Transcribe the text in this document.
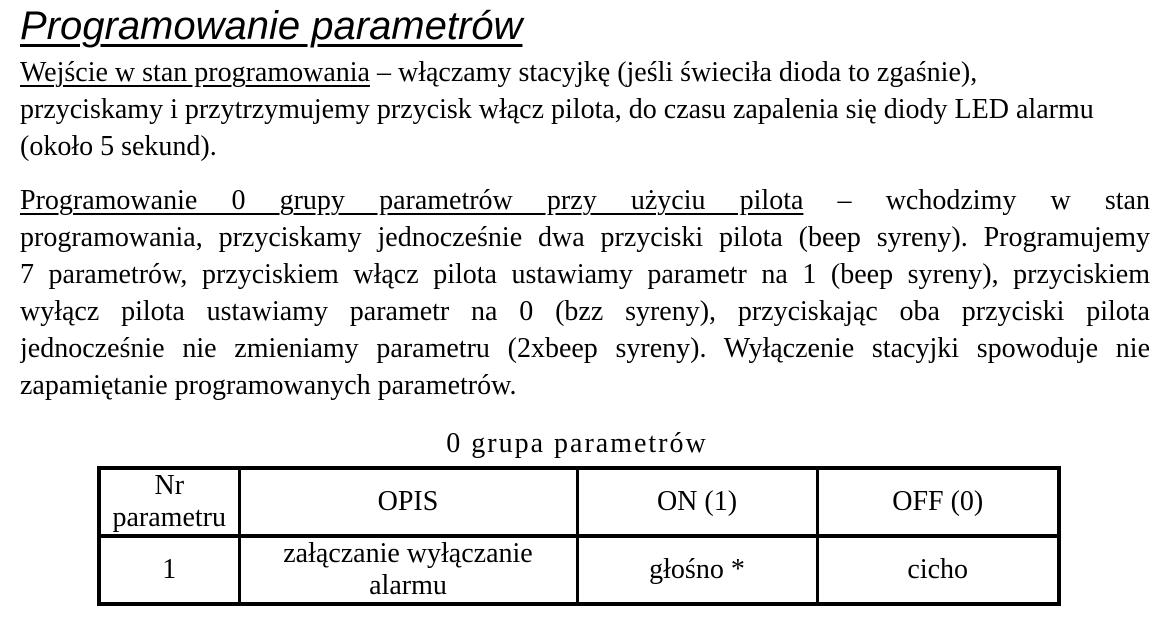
Programowanie parametrów
Wejście w stan programowania – włączamy stacyjkę (jeśli świeciła dioda to zgaśnie),
przyciskamy i przytrzymujemy przycisk włącz pilota, do czasu zapalenia się diody LED alarmu
(około 5 sekund).
Programowanie 0 grupy parametrów przy użyciu pilota – wchodzimy w stan
programowania, przyciskamy jednocześnie dwa przyciski pilota (beep syreny). Programujemy
7 parametrów, przyciskiem włącz pilota ustawiamy parametr na 1 (beep syreny), przyciskiem
wyłącz pilota ustawiamy parametr na 0 (bzz syreny), przyciskając oba przyciski pilota
jednocześnie nie zmieniamy parametru (2xbeep syreny). Wyłączenie stacyjki spowoduje nie
zapamiętanie programowanych parametrów.
0 grupa parametrów
Nr
parametru	OPIS	ON (1)	OFF (0)

1	załączanie wyłączanie
alarmu	głośno *	cicho
